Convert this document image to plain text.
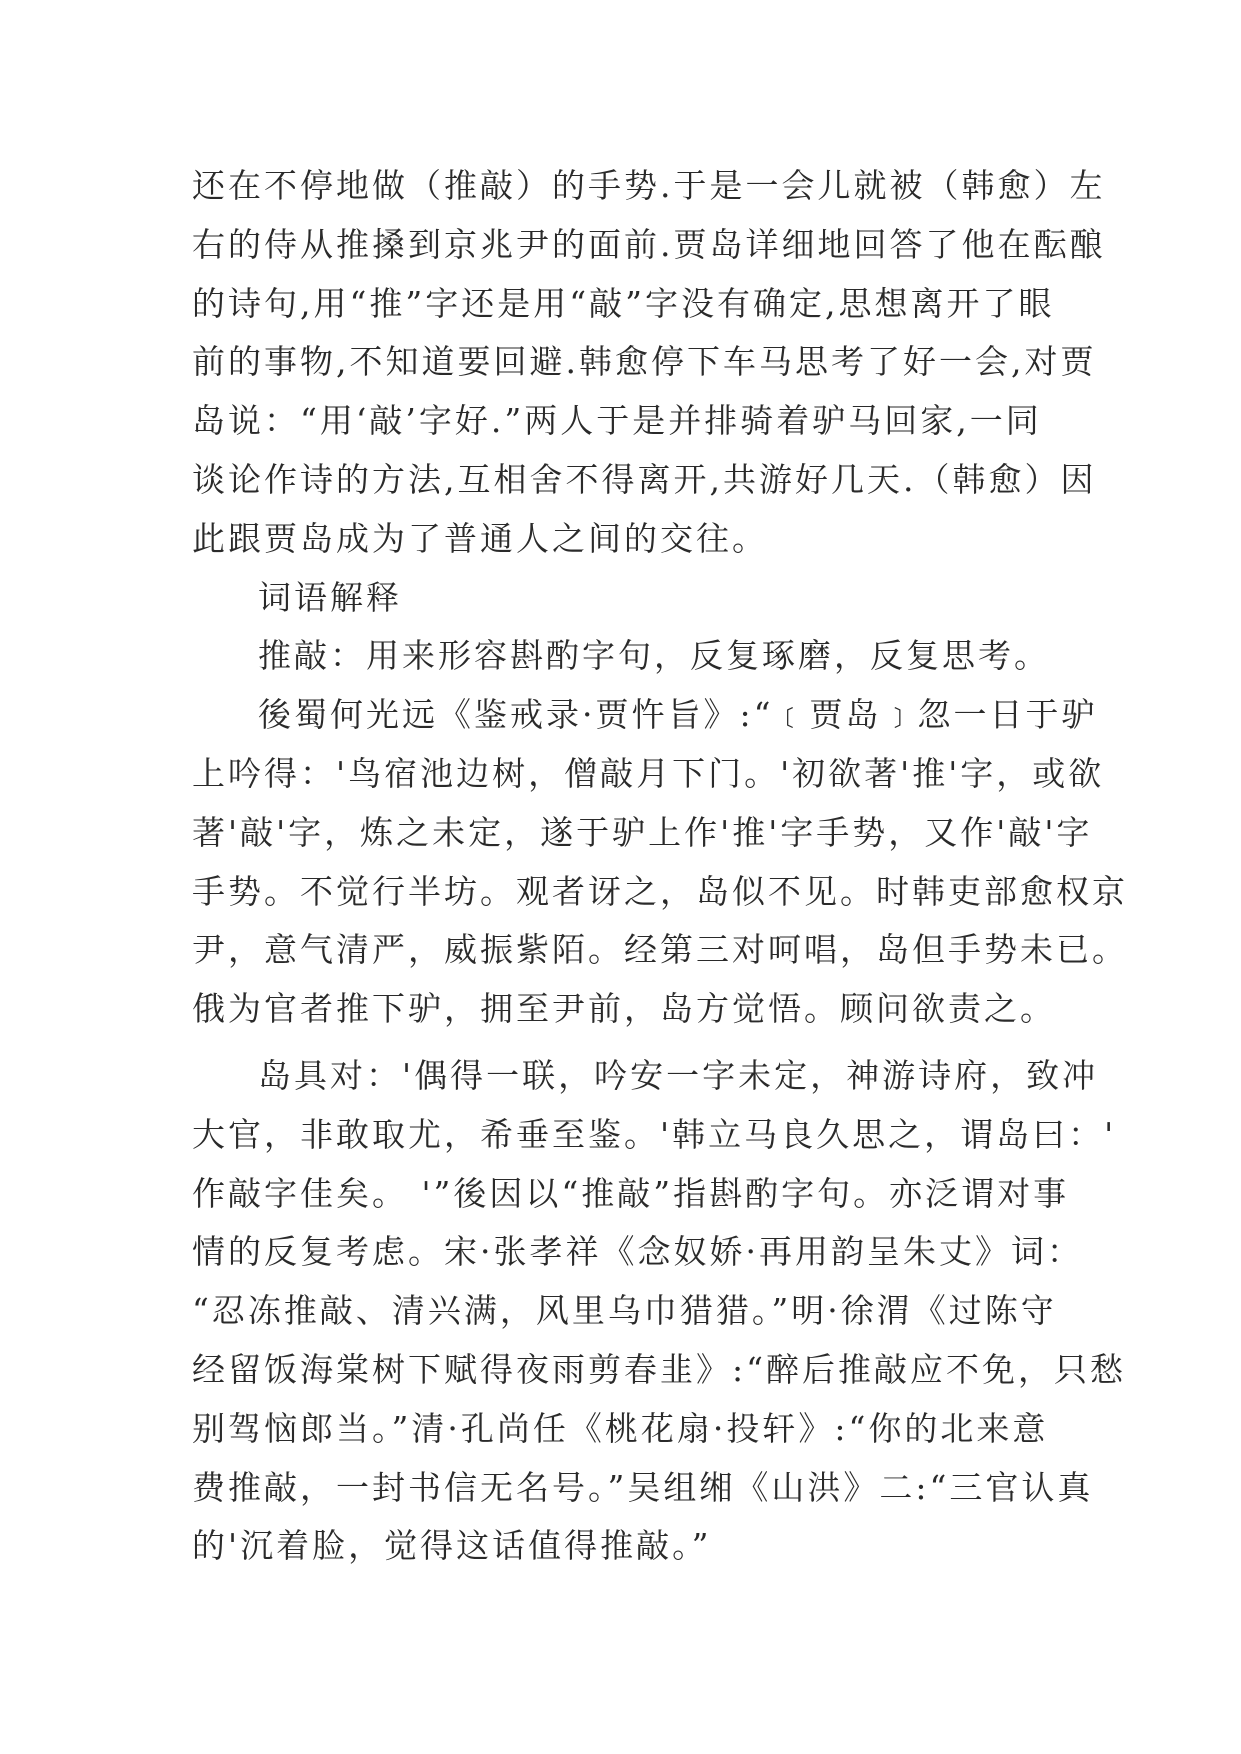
还在不停地做（推敲）的手势.于是一会儿就被（韩愈）左
右的侍从推搡到京兆尹的面前.贾岛详细地回答了他在酝酿
的诗句,用“推”字还是用“敲”字没有确定,思想离开了眼
前的事物,不知道要回避.韩愈停下车马思考了好一会,对贾
岛说：“用‘敲’字好.”两人于是并排骑着驴马回家,一同
谈论作诗的方法,互相舍不得离开,共游好几天.（韩愈）因
此跟贾岛成为了普通人之间的交往。
词语解释
推敲：用来形容斟酌字句，反复琢磨，反复思考。
後蜀何光远《鉴戒录·贾忤旨》:“﹝贾岛﹞忽一日于驴
上吟得：'鸟宿池边树，僧敲月下门。'初欲著'推'字，或欲
著'敲'字，炼之未定，遂于驴上作'推'字手势，又作'敲'字
手势。不觉行半坊。观者讶之，岛似不见。时韩吏部愈权京
尹，意气清严，威振紫陌。经第三对呵唱，岛但手势未已。
俄为官者推下驴，拥至尹前，岛方觉悟。顾问欲责之。
岛具对：'偶得一联，吟安一字未定，神游诗府，致冲
大官，非敢取尤，希垂至鉴。'韩立马良久思之，谓岛曰：'
作敲字佳矣。 '”後因以“推敲”指斟酌字句。亦泛谓对事
情的反复考虑。宋·张孝祥《念奴娇·再用韵呈朱丈》词：
“忍冻推敲、清兴满，风里乌巾猎猎。”明·徐渭《过陈守
经留饭海棠树下赋得夜雨剪春韭》:“醉后推敲应不免，只愁
别驾恼郎当。”清·孔尚任《桃花扇·投轩》:“你的北来意
费推敲，一封书信无名号。”吴组缃《山洪》二:“三官认真
的'沉着脸，觉得这话值得推敲。”
